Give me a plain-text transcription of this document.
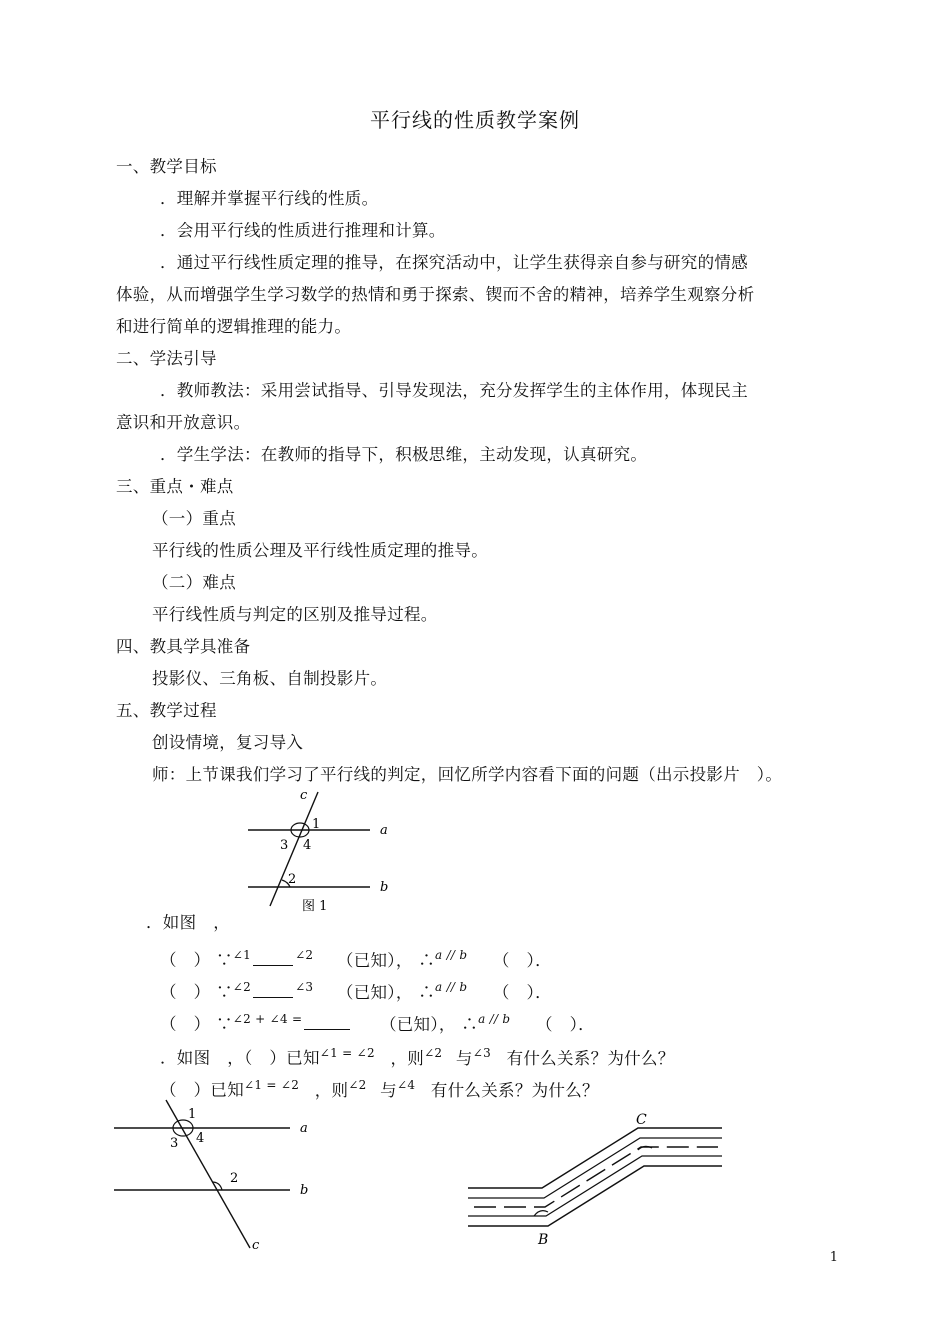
平行线的性质教学案例
一、教学目标
．理解并掌握平行线的性质。
．会用平行线的性质进行推理和计算。
．通过平行线性质定理的推导，在探究活动中，让学生获得亲自参与研究的情感
体验，从而增强学生学习数学的热情和勇于探索、锲而不舍的精神，培养学生观察分析
和进行简单的逻辑推理的能力。
二、学法引导
．教师教法：采用尝试指导、引导发现法，充分发挥学生的主体作用，体现民主
意识和开放意识。
．学生学法：在教师的指导下，积极思维，主动发现，认真研究。
三、重点・难点
（一）重点
平行线的性质公理及平行线性质定理的推导。
（二）难点
平行线性质与判定的区别及推导过程。
四、教具学具准备
投影仪、三角板、自制投影片。
五、教学过程
创设情境，复习导入
师：上节课我们学习了平行线的判定，回忆所学内容看下面的问题（出示投影片　）。
c
1
3 4
2
a
b
图 1
．如图　，
（　） ∵$^{\angle 1}$	$^{\angle 2}$ （已知）， ∴$^{a // b}$ （　）．
（　） ∵$^{\angle 2}$	$^{\angle 3}$ （已知）， ∴$^{a // b}$ （　）．
（　） ∵$^{\angle 2 + \angle 4 =}$	（已知）， ∴$^{a // b}$ （　）．
．如图　，（　）已知$^{\angle 1 = \angle 2}$ ，则$^{\angle 2}$ 与$^{\angle 3}$ 有什么关系？为什么？
（　）已知$^{\angle 1 = \angle 2}$ ，则$^{\angle 2}$ 与$^{\angle 4}$ 有什么关系？为什么？
1
3 4
2
a
b
c
C
B
1
